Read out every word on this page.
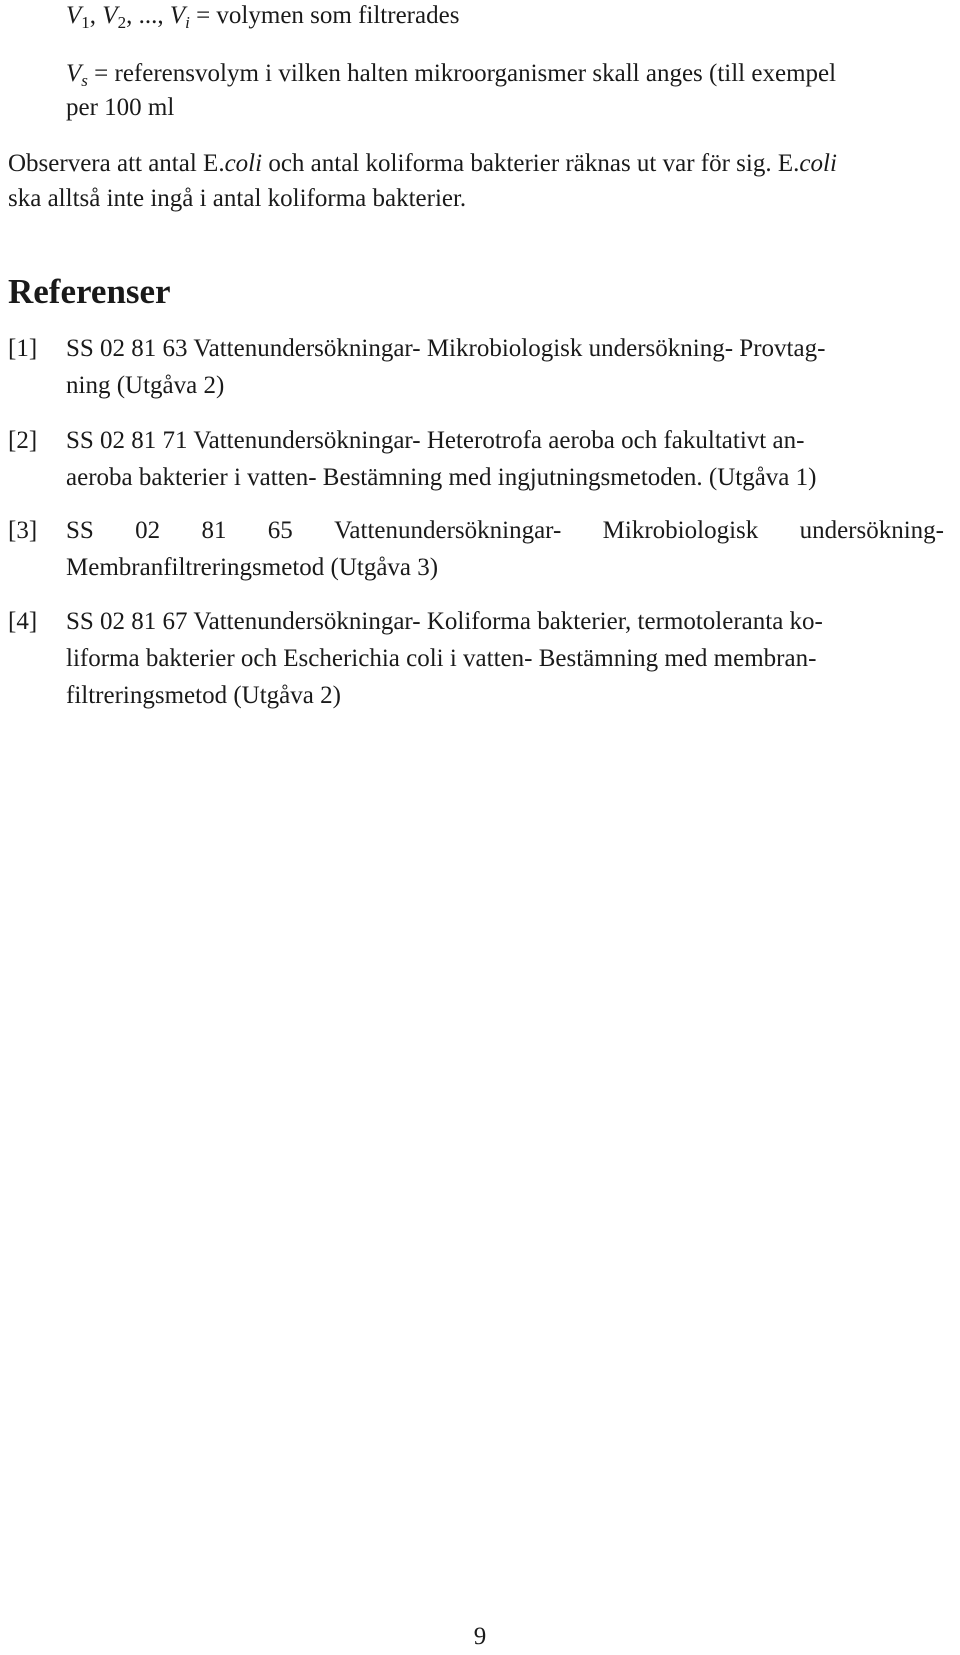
$V_1$, $V_2$, ..., $V_i$ = volymen som filtrerades
$V_s$ = referensvolym i vilken halten mikroorganismer skall anges (till exempel
per 100 ml
Observera att antal E.coli och antal koliforma bakterier räknas ut var för sig. E.coli
ska alltså inte ingå i antal koliforma bakterier.
Referenser
[1] SS 02 81 63 Vattenundersökningar- Mikrobiologisk undersökning- Provtag-
ning (Utgåva 2)
[2] SS 02 81 71 Vattenundersökningar- Heterotrofa aeroba och fakultativt an-
aeroba bakterier i vatten- Bestämning med ingjutningsmetoden. (Utgåva 1)
[3] SS 02 81 65 Vattenundersökningar- Mikrobiologisk undersökning-
Membranfiltreringsmetod (Utgåva 3)
[4] SS 02 81 67 Vattenundersökningar- Koliforma bakterier, termotoleranta ko-
liforma bakterier och Escherichia coli i vatten- Bestämning med membran-
filtreringsmetod (Utgåva 2)
9
